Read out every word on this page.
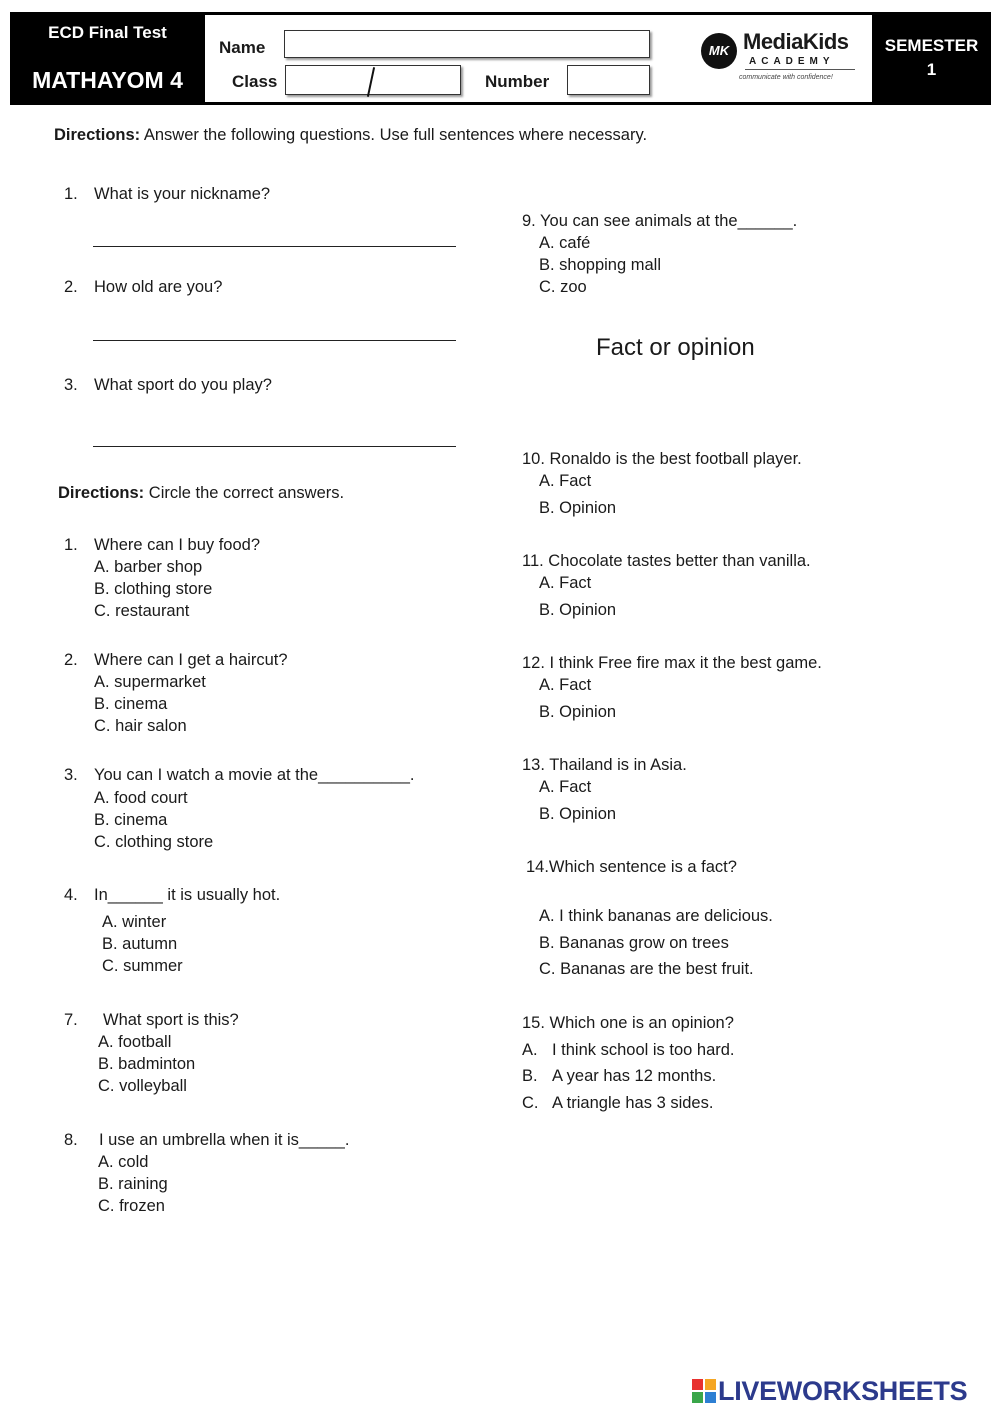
ECD Final Test
MATHAYOM 4
Name
Class	Number
MK MediaKids
ACADEMY
communicate with confidence!
SEMESTER
1
Directions: Answer the following questions. Use full sentences where necessary.
1. What is your nickname?
2. How old are you?
3. What sport do you play?
Directions: Circle the correct answers.
1. Where can I buy food?
A. barber shop
B. clothing store
C. restaurant
2. Where can I get a haircut?
A. supermarket
B. cinema
C. hair salon
3. You can I watch a movie at the__________.
A. food court
B. cinema
C. clothing store
4. In______ it is usually hot.
A. winter
B. autumn
C. summer
7. What sport is this?
A. football
B. badminton
C. volleyball
8. I use an umbrella when it is_____.
A. cold
B. raining
C. frozen
9. You can see animals at the______.
A. café
B. shopping mall
C. zoo
Fact or opinion
10. Ronaldo is the best football player.
A. Fact
B. Opinion
11. Chocolate tastes better than vanilla.
A. Fact
B. Opinion
12. I think Free fire max it the best game.
A. Fact
B. Opinion
13. Thailand is in Asia.
A. Fact
B. Opinion
14.Which sentence is a fact?
A. I think bananas are delicious.
B. Bananas grow on trees
C. Bananas are the best fruit.
15. Which one is an opinion?
A. I think school is too hard.
B. A year has 12 months.
C. A triangle has 3 sides.
LIVEWORKSHEETS
